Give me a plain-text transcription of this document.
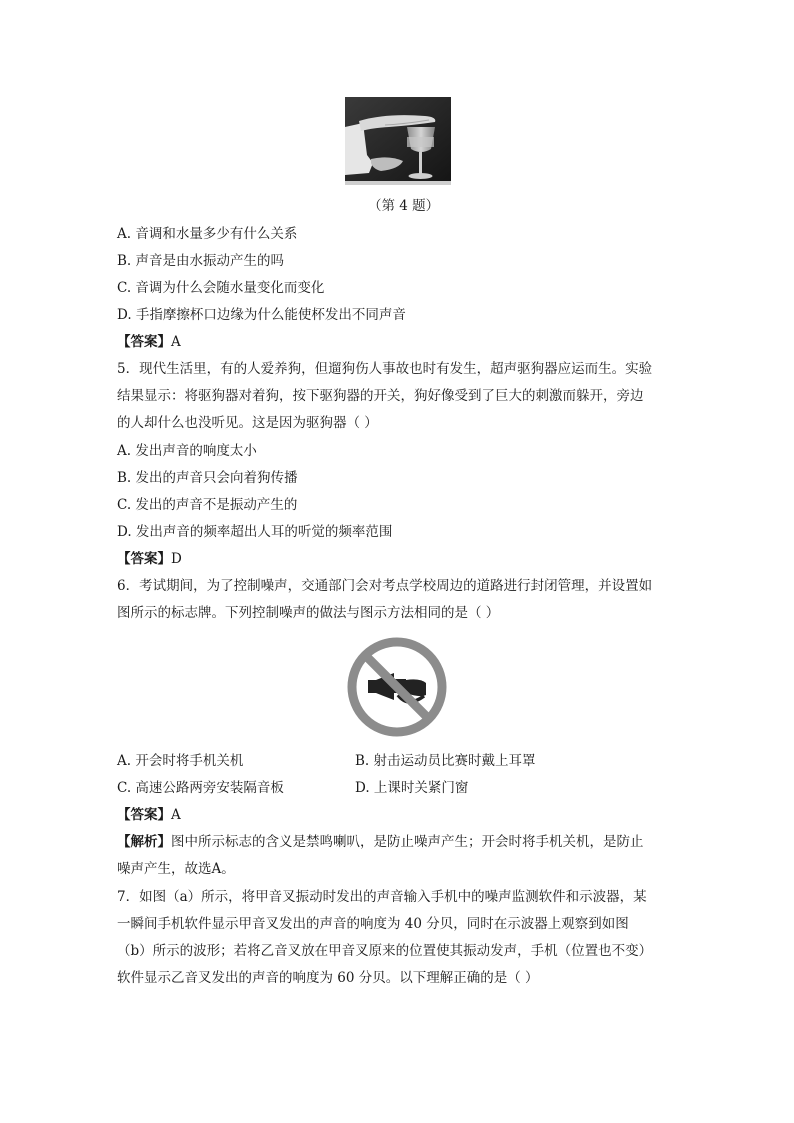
（第 4 题）
A. 音调和水量多少有什么关系
B. 声音是由水振动产生的吗
C. 音调为什么会随水量变化而变化
D. 手指摩擦杯口边缘为什么能使杯发出不同声音
【答案】A
5．现代生活里，有的人爱养狗，但遛狗伤人事故也时有发生，超声驱狗器应运而生。实验
结果显示：将驱狗器对着狗，按下驱狗器的开关，狗好像受到了巨大的刺激而躲开，旁边
的人却什么也没听见。这是因为驱狗器（ ）
A. 发出声音的响度太小
B. 发出的声音只会向着狗传播
C. 发出的声音不是振动产生的
D. 发出声音的频率超出人耳的听觉的频率范围
【答案】D
6．考试期间，为了控制噪声，交通部门会对考点学校周边的道路进行封闭管理，并设置如
图所示的标志牌。下列控制噪声的做法与图示方法相同的是（ ）
A. 开会时将手机关机	B. 射击运动员比赛时戴上耳罩
C. 高速公路两旁安装隔音板	D. 上课时关紧门窗
【答案】A
【解析】图中所示标志的含义是禁鸣喇叭，是防止噪声产生；开会时将手机关机，是防止
噪声产生，故选A。
7．如图（a）所示，将甲音叉振动时发出的声音输入手机中的噪声监测软件和示波器，某
一瞬间手机软件显示甲音叉发出的声音的响度为 40 分贝，同时在示波器上观察到如图
（b）所示的波形；若将乙音叉放在甲音叉原来的位置使其振动发声，手机（位置也不变）
软件显示乙音叉发出的声音的响度为 60 分贝。以下理解正确的是（ ）
